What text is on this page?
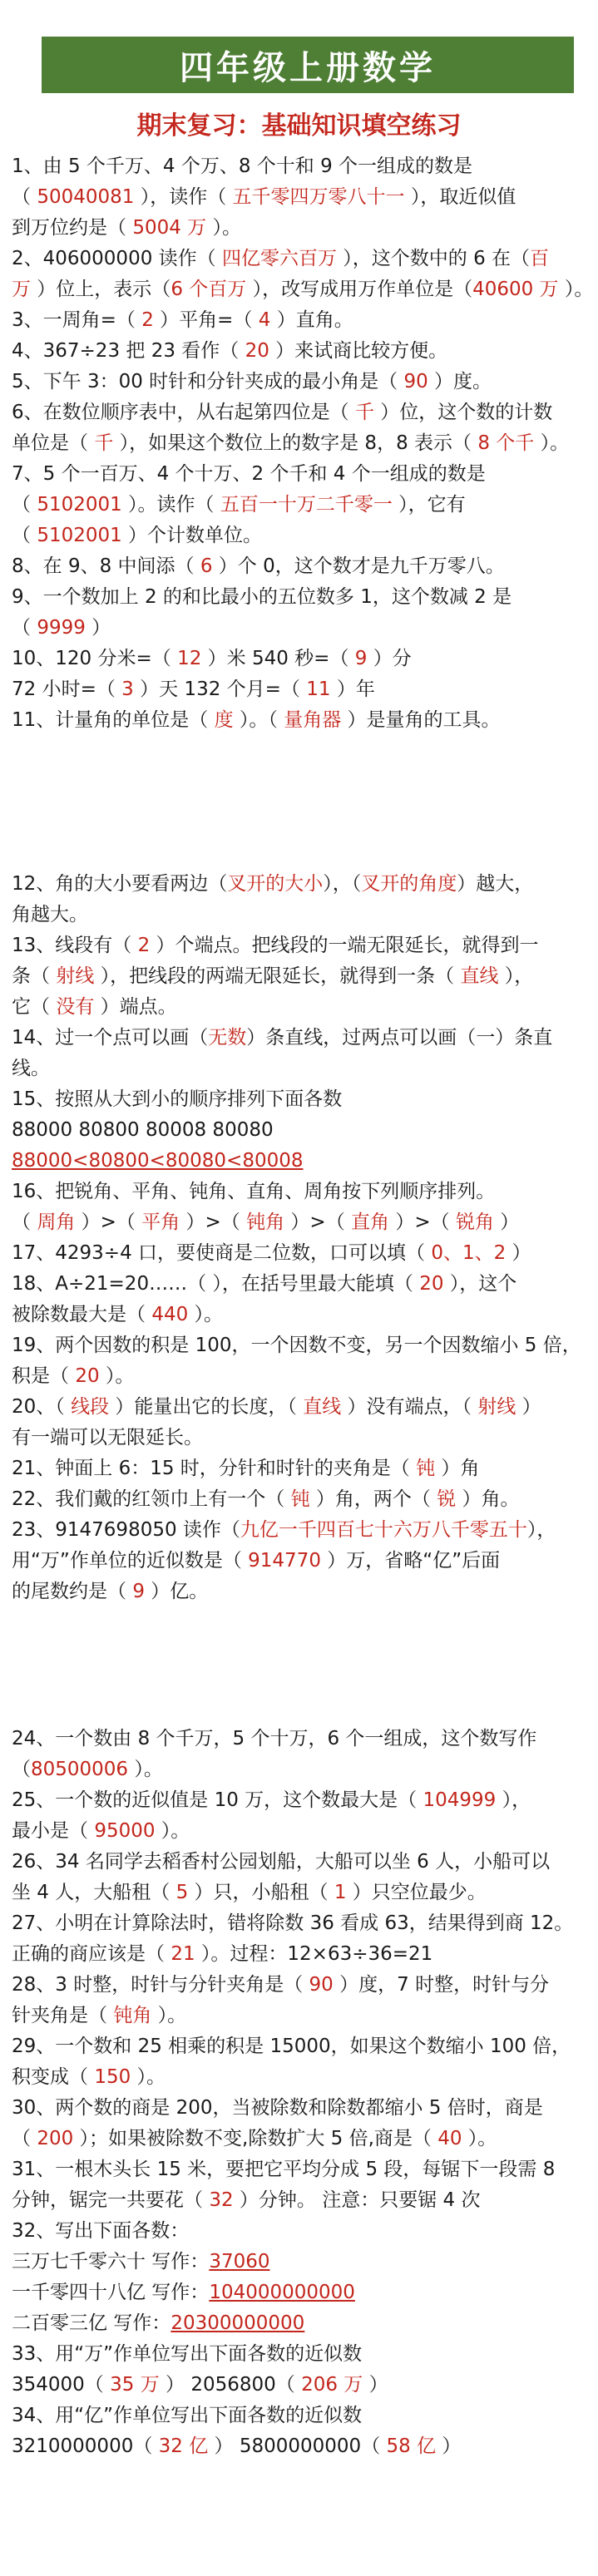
四年级上册数学
期末复习：基础知识填空练习
1、由 5 个千万、4 个万、8 个十和 9 个一组成的数是
（ 50040081 ），读作（ 五千零四万零八十一 ），取近似值
到万位约是（ 5004 万 ）。
2、406000000 读作（ 四亿零六百万 ），这个数中的 6 在（百
万 ）位上，表示（6 个百万 ），改写成用万作单位是（40600 万 ）。
3、一周角=（ 2 ）平角=（ 4 ）直角。
4、367÷23 把 23 看作（ 20 ）来试商比较方便。
5、下午 3：00 时针和分针夹成的最小角是（ 90 ）度。
6、在数位顺序表中，从右起第四位是（ 千 ）位，这个数的计数
单位是（ 千 ），如果这个数位上的数字是 8，8 表示（ 8 个千 ）。
7、5 个一百万、4 个十万、2 个千和 4 个一组成的数是
（ 5102001 ）。读作（ 五百一十万二千零一 ），它有
（ 5102001 ）个计数单位。
8、在 9、8 中间添（ 6 ）个 0，这个数才是九千万零八。
9、一个数加上 2 的和比最小的五位数多 1，这个数减 2 是
（ 9999 ）
10、120 分米=（ 12 ）米 540 秒=（ 9 ）分
72 小时=（ 3 ）天 132 个月=（ 11 ）年
11、计量角的单位是（ 度 ）。（ 量角器 ）是量角的工具。
12、角的大小要看两边（叉开的大小），（叉开的角度）越大，
角越大。
13、线段有（ 2 ）个端点。把线段的一端无限延长，就得到一
条（ 射线 ），把线段的两端无限延长，就得到一条（ 直线 ），
它（ 没有 ）端点。
14、过一个点可以画（无数）条直线，过两点可以画（一）条直
线。
15、按照从大到小的顺序排列下面各数
88000 80800 80008 80080
88000<80800<80080<80008
16、把锐角、平角、钝角、直角、周角按下列顺序排列。
（ 周角 ）>（ 平角 ）>（ 钝角 ）>（ 直角 ）>（ 锐角 ）
17、4293÷4 口，要使商是二位数，口可以填（ 0、1、2 ）
18、A÷21=20……（ ），在括号里最大能填（ 20 ），这个
被除数最大是（ 440 ）。
19、两个因数的积是 100，一个因数不变，另一个因数缩小 5 倍，
积是（ 20 ）。
20、（ 线段 ）能量出它的长度，（ 直线 ）没有端点，（ 射线 ）
有一端可以无限延长。
21、钟面上 6：15 时，分针和时针的夹角是（ 钝 ）角
22、我们戴的红领巾上有一个（ 钝 ）角，两个（ 锐 ）角。
23、9147698050 读作（九亿一千四百七十六万八千零五十），
用“万”作单位的近似数是（ 914770 ）万，省略“亿”后面
的尾数约是（ 9 ）亿。
24、一个数由 8 个千万，5 个十万，6 个一组成，这个数写作
（80500006 ）。
25、一个数的近似值是 10 万，这个数最大是（ 104999 ），
最小是（ 95000 ）。
26、34 名同学去稻香村公园划船，大船可以坐 6 人，小船可以
坐 4 人，大船租（ 5 ）只，小船租（ 1 ）只空位最少。
27、小明在计算除法时，错将除数 36 看成 63，结果得到商 12。
正确的商应该是（ 21 ）。过程：12×63÷36=21
28、3 时整，时针与分针夹角是（ 90 ）度，7 时整，时针与分
针夹角是（ 钝角 ）。
29、一个数和 25 相乘的积是 15000，如果这个数缩小 100 倍，
积变成（ 150 ）。
30、两个数的商是 200，当被除数和除数都缩小 5 倍时，商是
（ 200 ）；如果被除数不变,除数扩大 5 倍,商是（ 40 ）。
31、一根木头长 15 米，要把它平均分成 5 段，每锯下一段需 8
分钟，锯完一共要花（ 32 ）分钟。 注意：只要锯 4 次
32、写出下面各数：
三万七千零六十 写作：37060
一千零四十八亿 写作：104000000000
二百零三亿 写作：20300000000
33、用“万”作单位写出下面各数的近似数
354000（ 35 万 ） 2056800（ 206 万 ）
34、用“亿”作单位写出下面各数的近似数
3210000000（ 32 亿 ） 5800000000（ 58 亿 ）
